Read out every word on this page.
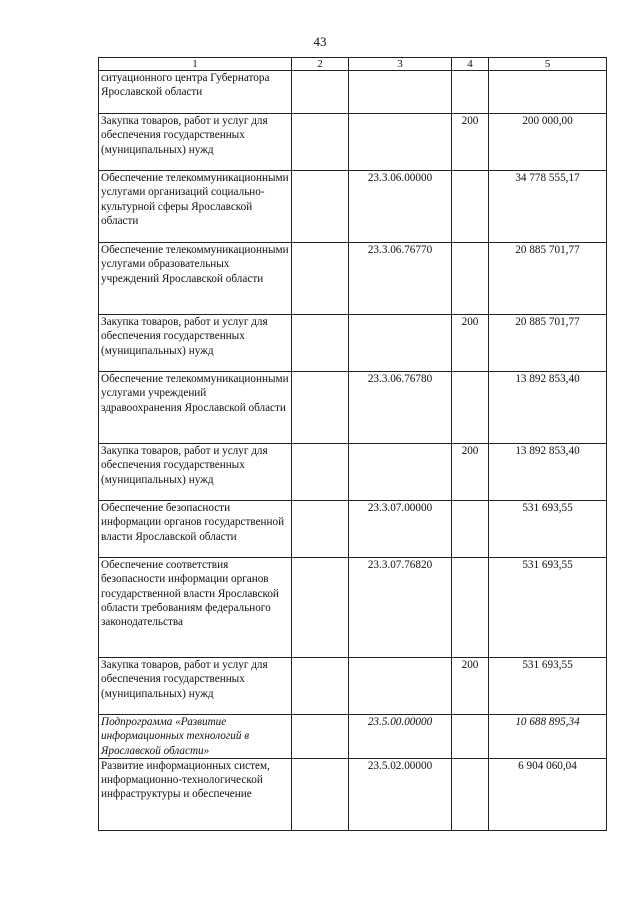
43
1	2	3	4	5
ситуационного центра Губернатора Ярославской области				
Закупка товаров, работ и услуг для обеспечения государственных (муниципальных) нужд			200	200 000,00
Обеспечение телекоммуникационными услугами организаций социально-культурной сферы Ярославской области		23.3.06.00000		34 778 555,17
Обеспечение телекоммуникационными услугами образовательных учреждений Ярославской области		23.3.06.76770		20 885 701,77
Закупка товаров, работ и услуг для обеспечения государственных (муниципальных) нужд			200	20 885 701,77
Обеспечение телекоммуникационными услугами учреждений здравоохранения Ярославской области		23.3.06.76780		13 892 853,40
Закупка товаров, работ и услуг для обеспечения государственных (муниципальных) нужд			200	13 892 853,40
Обеспечение безопасности информации органов государственной власти Ярославской области		23.3.07.00000		531 693,55
Обеспечение соответствия безопасности информации органов государственной власти Ярославской области требованиям федерального законодательства		23.3.07.76820		531 693,55
Закупка товаров, работ и услуг для обеспечения государственных (муниципальных) нужд			200	531 693,55
Подпрограмма «Развитие информационных технологий в Ярославской области»		23.5.00.00000		10 688 895,34
Развитие информационных систем, информационно-технологической инфраструктуры и обеспечение		23.5.02.00000		6 904 060,04
